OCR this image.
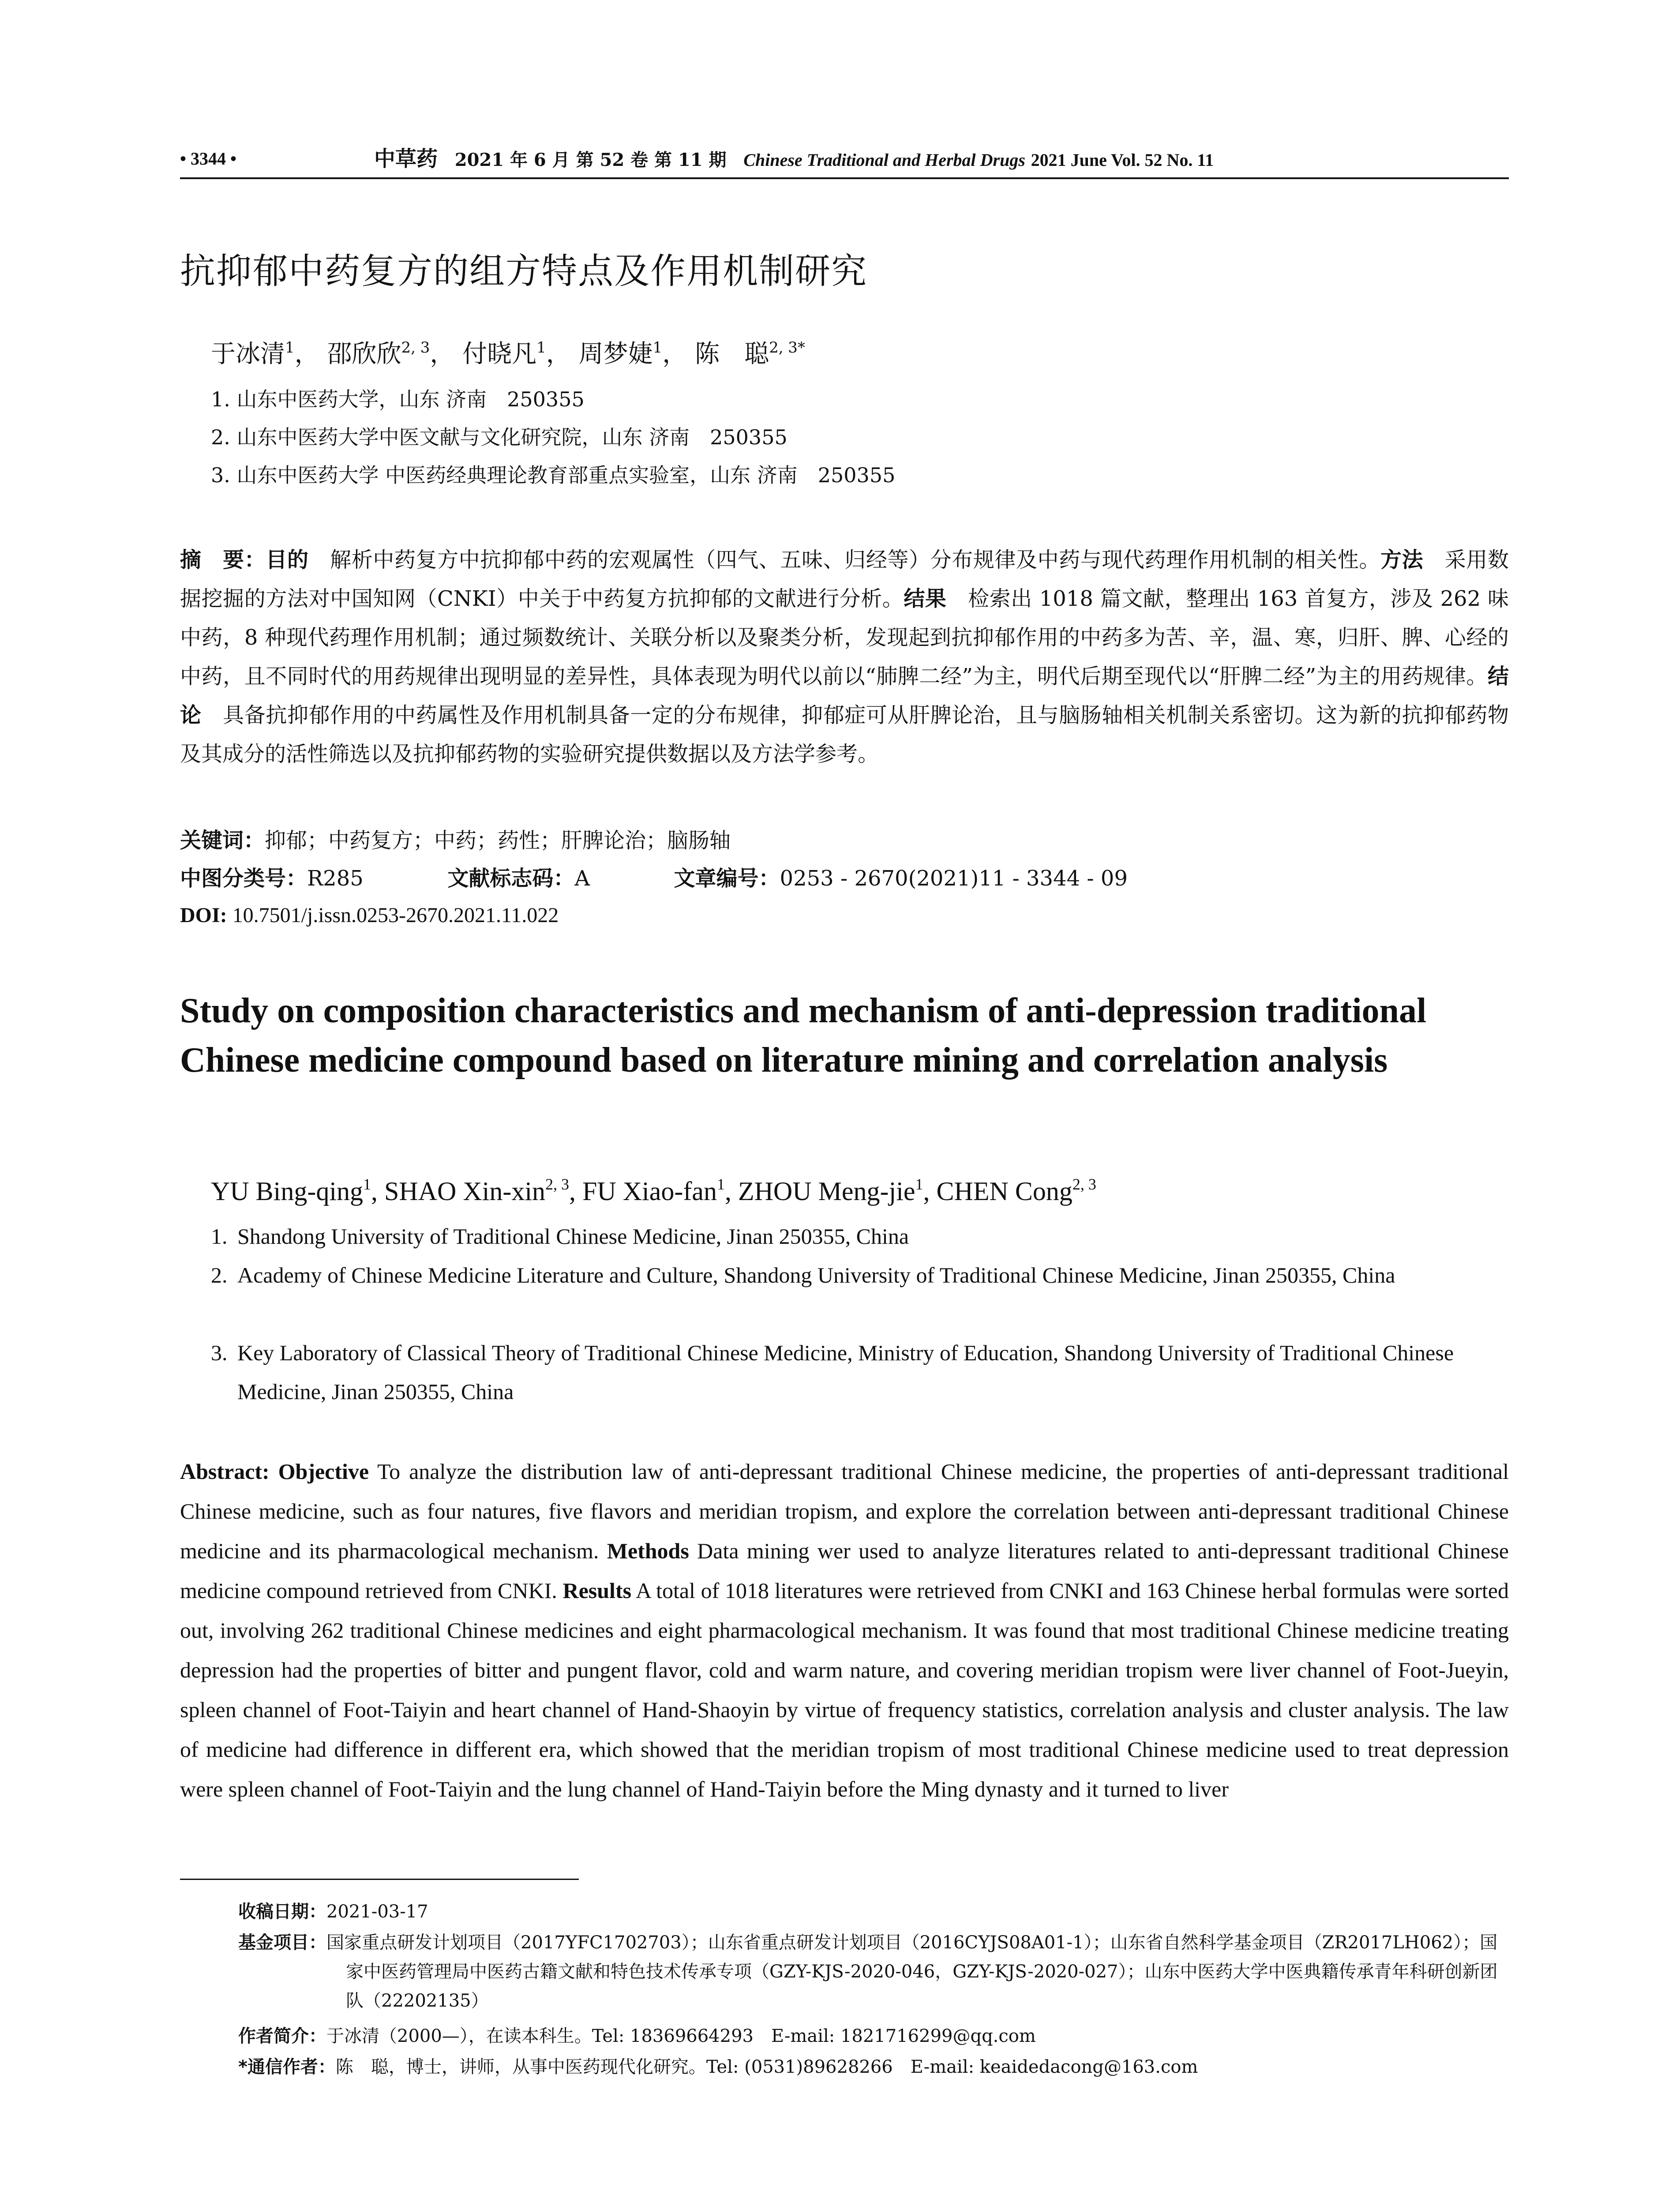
• 3344 •	中草药 2021 年 6 月 第 52 卷 第 11 期 Chinese Traditional and Herbal Drugs 2021 June Vol. 52 No. 11
抗抑郁中药复方的组方特点及作用机制研究
于冰清$^1$， 邵欣欣$^{2, 3}$， 付晓凡$^1$， 周梦婕$^1$， 陈　聪$^{2, 3*}$
1. 山东中医药大学，山东 济南　250355
2. 山东中医药大学中医文献与文化研究院，山东 济南　250355
3. 山东中医药大学 中医药经典理论教育部重点实验室，山东 济南　250355
摘　要：目的　解析中药复方中抗抑郁中药的宏观属性（四气、五味、归经等）分布规律及中药与现代药理作用机制的相关性。方法　采用数据挖掘的方法对中国知网（CNKI）中关于中药复方抗抑郁的文献进行分析。结果　检索出 1018 篇文献，整理出 163 首复方，涉及 262 味中药，8 种现代药理作用机制；通过频数统计、关联分析以及聚类分析，发现起到抗抑郁作用的中药多为苦、辛，温、寒，归肝、脾、心经的中药，且不同时代的用药规律出现明显的差异性，具体表现为明代以前以“肺脾二经”为主，明代后期至现代以“肝脾二经”为主的用药规律。结论　具备抗抑郁作用的中药属性及作用机制具备一定的分布规律，抑郁症可从肝脾论治，且与脑肠轴相关机制关系密切。这为新的抗抑郁药物及其成分的活性筛选以及抗抑郁药物的实验研究提供数据以及方法学参考。
关键词：抑郁；中药复方；中药；药性；肝脾论治；脑肠轴
中图分类号：R285	文献标志码：A	文章编号：0253 - 2670(2021)11 - 3344 - 09
DOI: 10.7501/j.issn.0253-2670.2021.11.022
Study on composition characteristics and mechanism of anti-depression traditional Chinese medicine compound based on literature mining and correlation analysis
YU Bing-qing$^1$, SHAO Xin-xin$^{2, 3}$, FU Xiao-fan$^1$, ZHOU Meng-jie$^1$, CHEN Cong$^{2, 3}$
1. Shandong University of Traditional Chinese Medicine, Jinan 250355, China
2. Academy of Chinese Medicine Literature and Culture, Shandong University of Traditional Chinese Medicine, Jinan 250355, China
3. Key Laboratory of Classical Theory of Traditional Chinese Medicine, Ministry of Education, Shandong University of Traditional Chinese Medicine, Jinan 250355, China
Abstract: Objective To analyze the distribution law of anti-depressant traditional Chinese medicine, the properties of anti-depressant traditional Chinese medicine, such as four natures, five flavors and meridian tropism, and explore the correlation between anti-depressant traditional Chinese medicine and its pharmacological mechanism. Methods Data mining wer used to analyze literatures related to anti-depressant traditional Chinese medicine compound retrieved from CNKI. Results A total of 1018 literatures were retrieved from CNKI and 163 Chinese herbal formulas were sorted out, involving 262 traditional Chinese medicines and eight pharmacological mechanism. It was found that most traditional Chinese medicine treating depression had the properties of bitter and pungent flavor, cold and warm nature, and covering meridian tropism were liver channel of Foot-Jueyin, spleen channel of Foot-Taiyin and heart channel of Hand-Shaoyin by virtue of frequency statistics, correlation analysis and cluster analysis. The law of medicine had difference in different era, which showed that the meridian tropism of most traditional Chinese medicine used to treat depression were spleen channel of Foot-Taiyin and the lung channel of Hand-Taiyin before the Ming dynasty and it turned to liver
收稿日期：2021-03-17
基金项目：国家重点研发计划项目（2017YFC1702703）；山东省重点研发计划项目（2016CYJS08A01-1）；山东省自然科学基金项目（ZR2017LH062）；国家中医药管理局中医药古籍文献和特色技术传承专项（GZY-KJS-2020-046，GZY-KJS-2020-027）；山东中医药大学中医典籍传承青年科研创新团队（22202135）
作者简介：于冰清（2000—），在读本科生。Tel: 18369664293　E-mail: 1821716299@qq.com
*通信作者：陈　聪，博士，讲师，从事中医药现代化研究。Tel: (0531)89628266　E-mail: keaidedacong@163.com
